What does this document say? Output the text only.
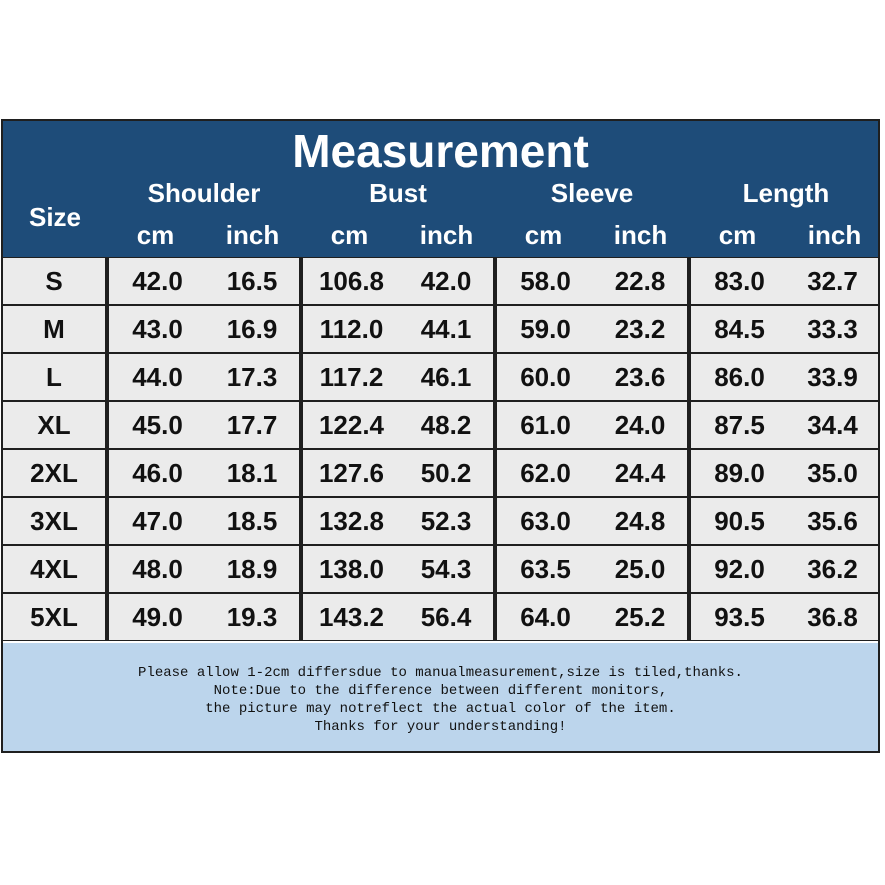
Measurement
Size
Shoulder	Bust	Sleeve	Length
cm	inch	cm	inch	cm	inch	cm	inch
S	42.0	16.5	106.8	42.0	58.0	22.8	83.0	32.7
M	43.0	16.9	112.0	44.1	59.0	23.2	84.5	33.3
L	44.0	17.3	117.2	46.1	60.0	23.6	86.0	33.9
XL	45.0	17.7	122.4	48.2	61.0	24.0	87.5	34.4
2XL	46.0	18.1	127.6	50.2	62.0	24.4	89.0	35.0
3XL	47.0	18.5	132.8	52.3	63.0	24.8	90.5	35.6
4XL	48.0	18.9	138.0	54.3	63.5	25.0	92.0	36.2
5XL	49.0	19.3	143.2	56.4	64.0	25.2	93.5	36.8
Please allow 1-2cm differsdue to manualmeasurement,size is tiled,thanks.
Note:Due to the difference between different monitors,
the picture may notreflect the actual color of the item.
Thanks for your understanding!
